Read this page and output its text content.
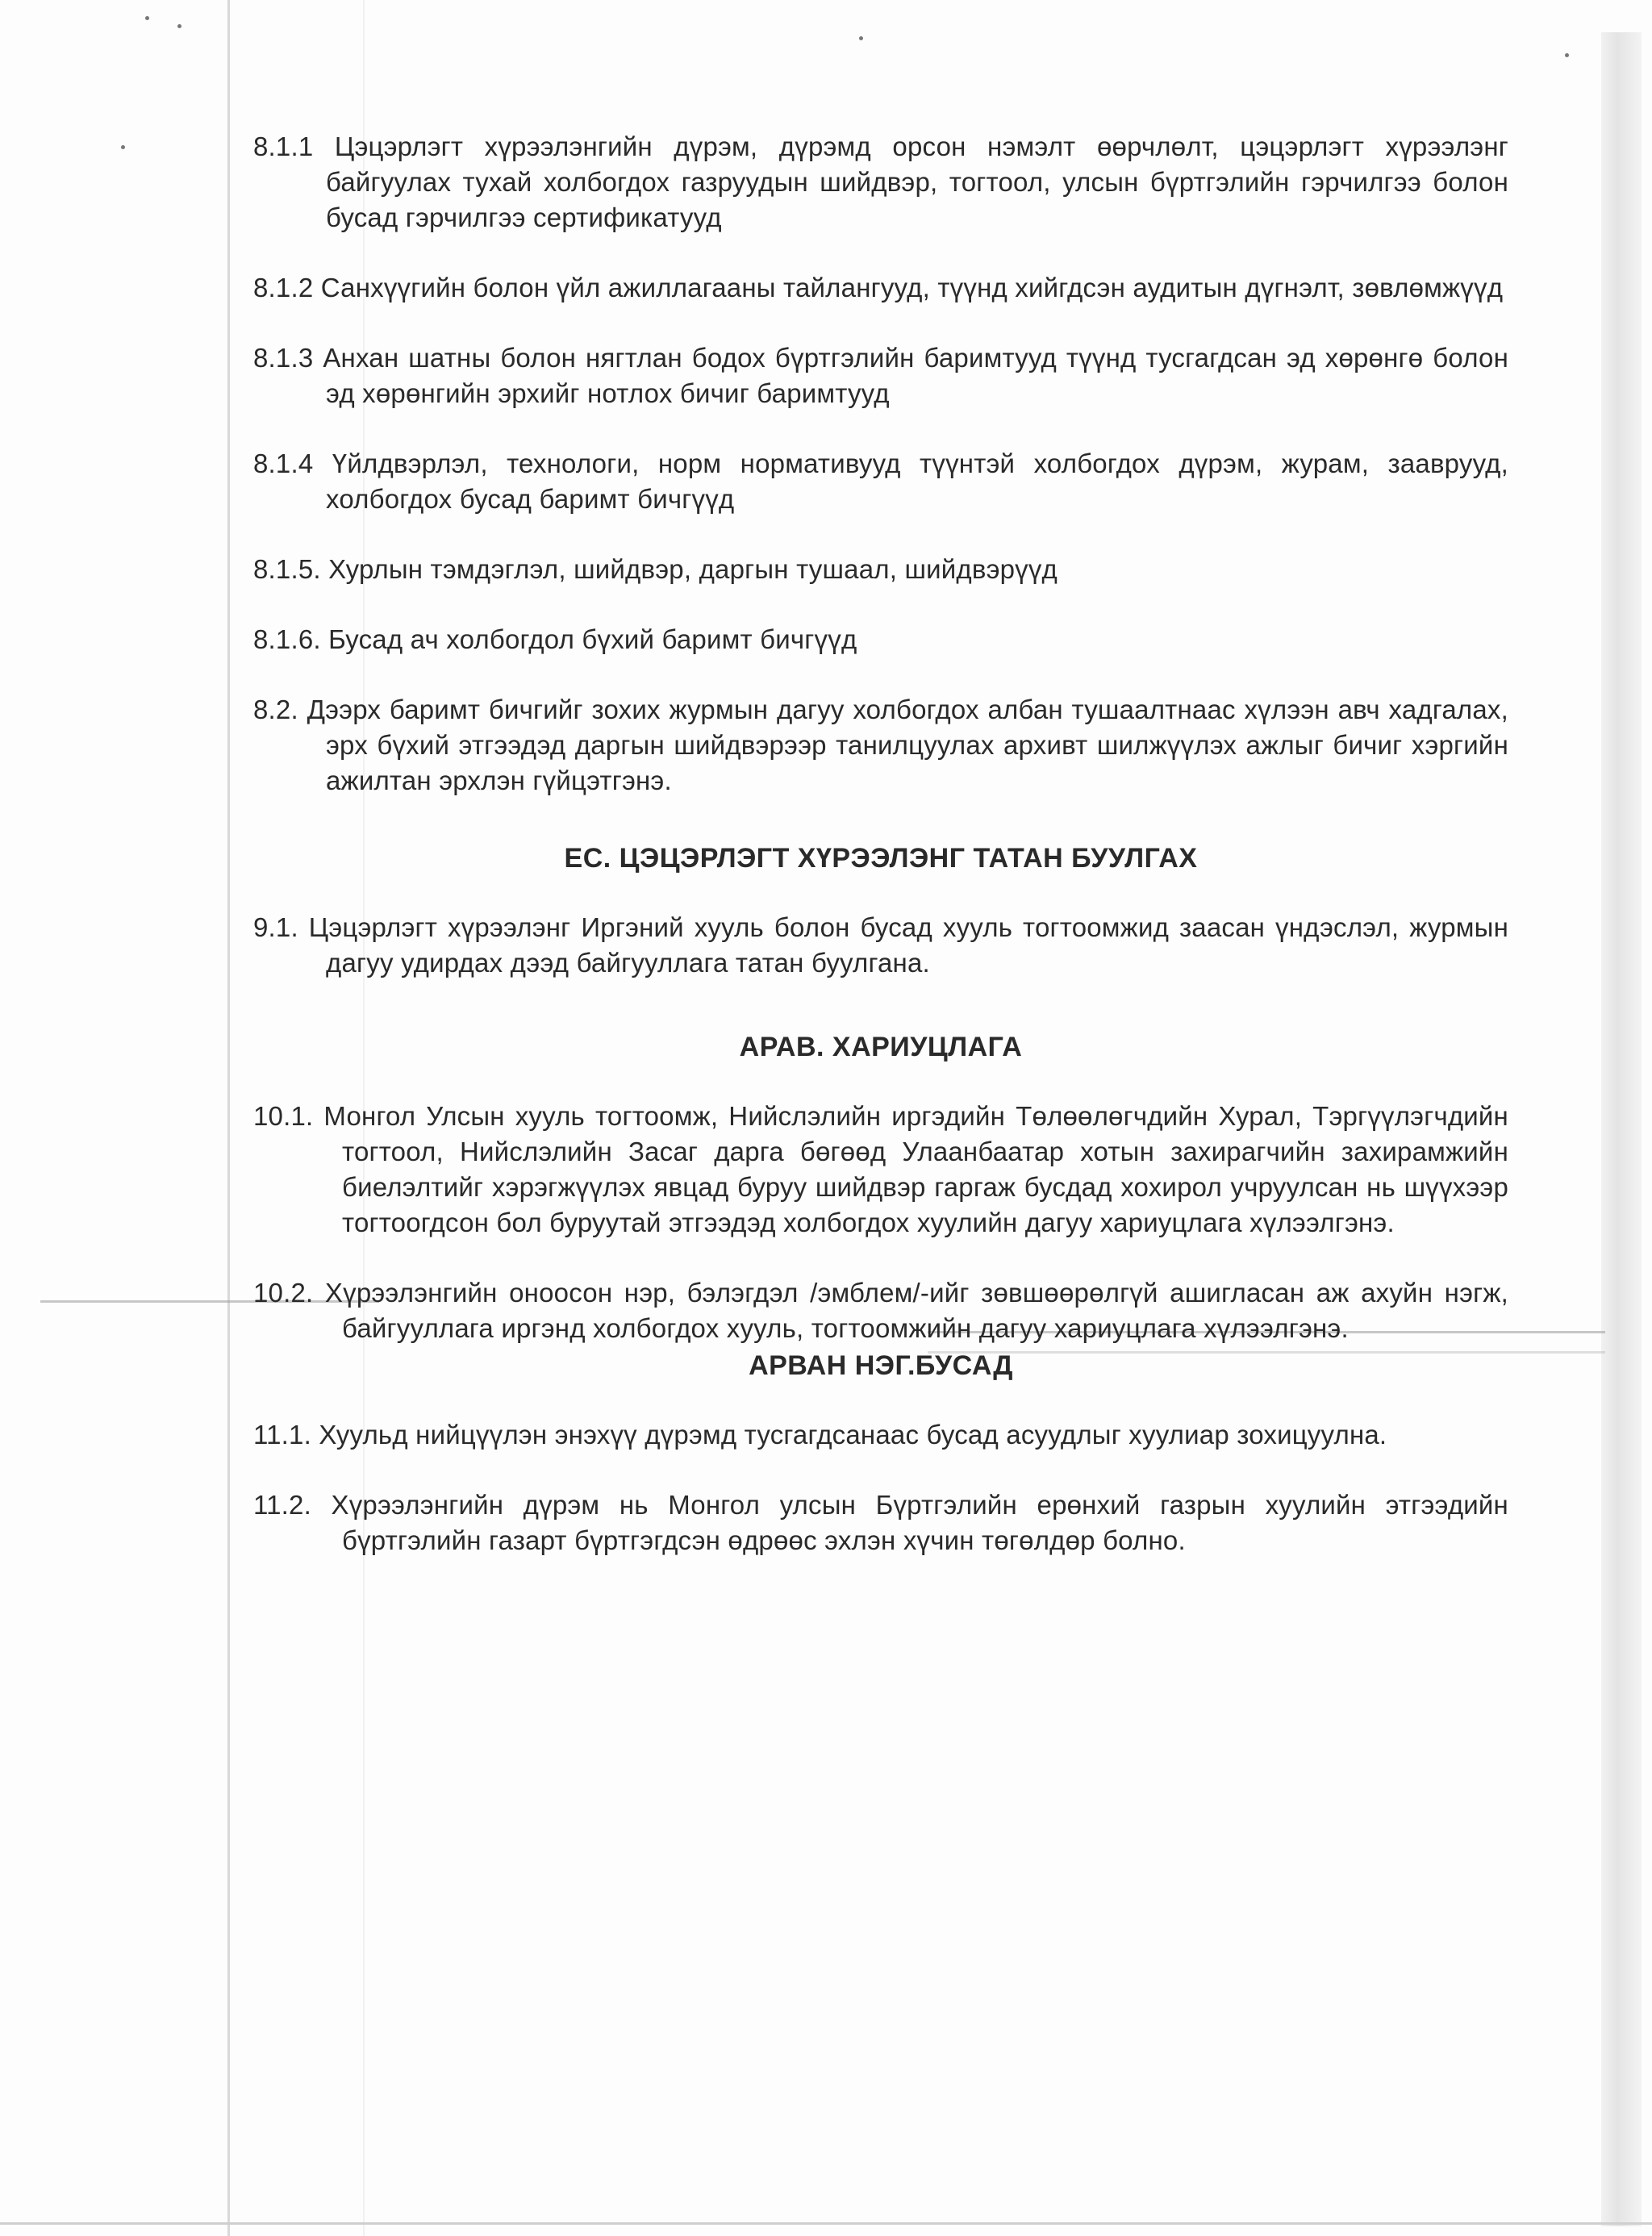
8.1.1 Цэцэрлэгт хүрээлэнгийн дүрэм, дүрэмд орсон нэмэлт өөрчлөлт, цэцэрлэгт хүрээлэнг байгуулах тухай холбогдох газруудын шийдвэр, тогтоол, улсын бүртгэлийн гэрчилгээ болон бусад гэрчилгээ сертификатууд

8.1.2 Санхүүгийн болон үйл ажиллагааны тайлангууд, түүнд хийгдсэн аудитын дүгнэлт, зөвлөмжүүд

8.1.3 Анхан шатны болон нягтлан бодох бүртгэлийн баримтууд түүнд тусгагдсан эд хөрөнгө болон эд хөрөнгийн эрхийг нотлох бичиг баримтууд

8.1.4 Үйлдвэрлэл, технологи, норм нормативууд түүнтэй холбогдох дүрэм, журам, зааврууд, холбогдох бусад баримт бичгүүд

8.1.5. Хурлын тэмдэглэл, шийдвэр, даргын тушаал, шийдвэрүүд

8.1.6. Бусад ач холбогдол бүхий баримт бичгүүд

8.2. Дээрх баримт бичгийг зохих журмын дагуу холбогдох албан тушаалтнаас хүлээн авч хадгалах, эрх бүхий этгээдэд даргын шийдвэрээр танилцуулах архивт шилжүүлэх ажлыг бичиг хэргийн ажилтан эрхлэн гүйцэтгэнэ.

ЕС. ЦЭЦЭРЛЭГТ ХҮРЭЭЛЭНГ ТАТАН БУУЛГАХ

9.1. Цэцэрлэгт хүрээлэнг Иргэний хууль болон бусад хууль тогтоомжид заасан үндэслэл, журмын дагуу удирдах дээд байгууллага татан буулгана.

АРАВ. ХАРИУЦЛАГА

10.1. Монгол Улсын хууль тогтоомж, Нийслэлийн иргэдийн Төлөөлөгчдийн Хурал, Тэргүүлэгчдийн тогтоол, Нийслэлийн Засаг дарга бөгөөд Улаанбаатар хотын захирагчийн захирамжийн биелэлтийг хэрэгжүүлэх явцад буруу шийдвэр гаргаж бусдад хохирол учруулсан нь шүүхээр тогтоогдсон бол буруутай этгээдэд холбогдох хуулийн дагуу хариуцлага хүлээлгэнэ.

10.2. Хүрээлэнгийн оноосон нэр, бэлэгдэл /эмблем/-ийг зөвшөөрөлгүй ашигласан аж ахуйн нэгж, байгууллага иргэнд холбогдох хууль, тогтоомжийн дагуу хариуцлага хүлээлгэнэ.

АРВАН НЭГ.БУСАД

11.1. Хуульд нийцүүлэн энэхүү дүрэмд тусгагдсанаас бусад асуудлыг хуулиар зохицуулна.

11.2. Хүрээлэнгийн дүрэм нь Монгол улсын Бүртгэлийн ерөнхий газрын хуулийн этгээдийн бүртгэлийн газарт бүртгэгдсэн өдрөөс эхлэн хүчин төгөлдөр болно.
